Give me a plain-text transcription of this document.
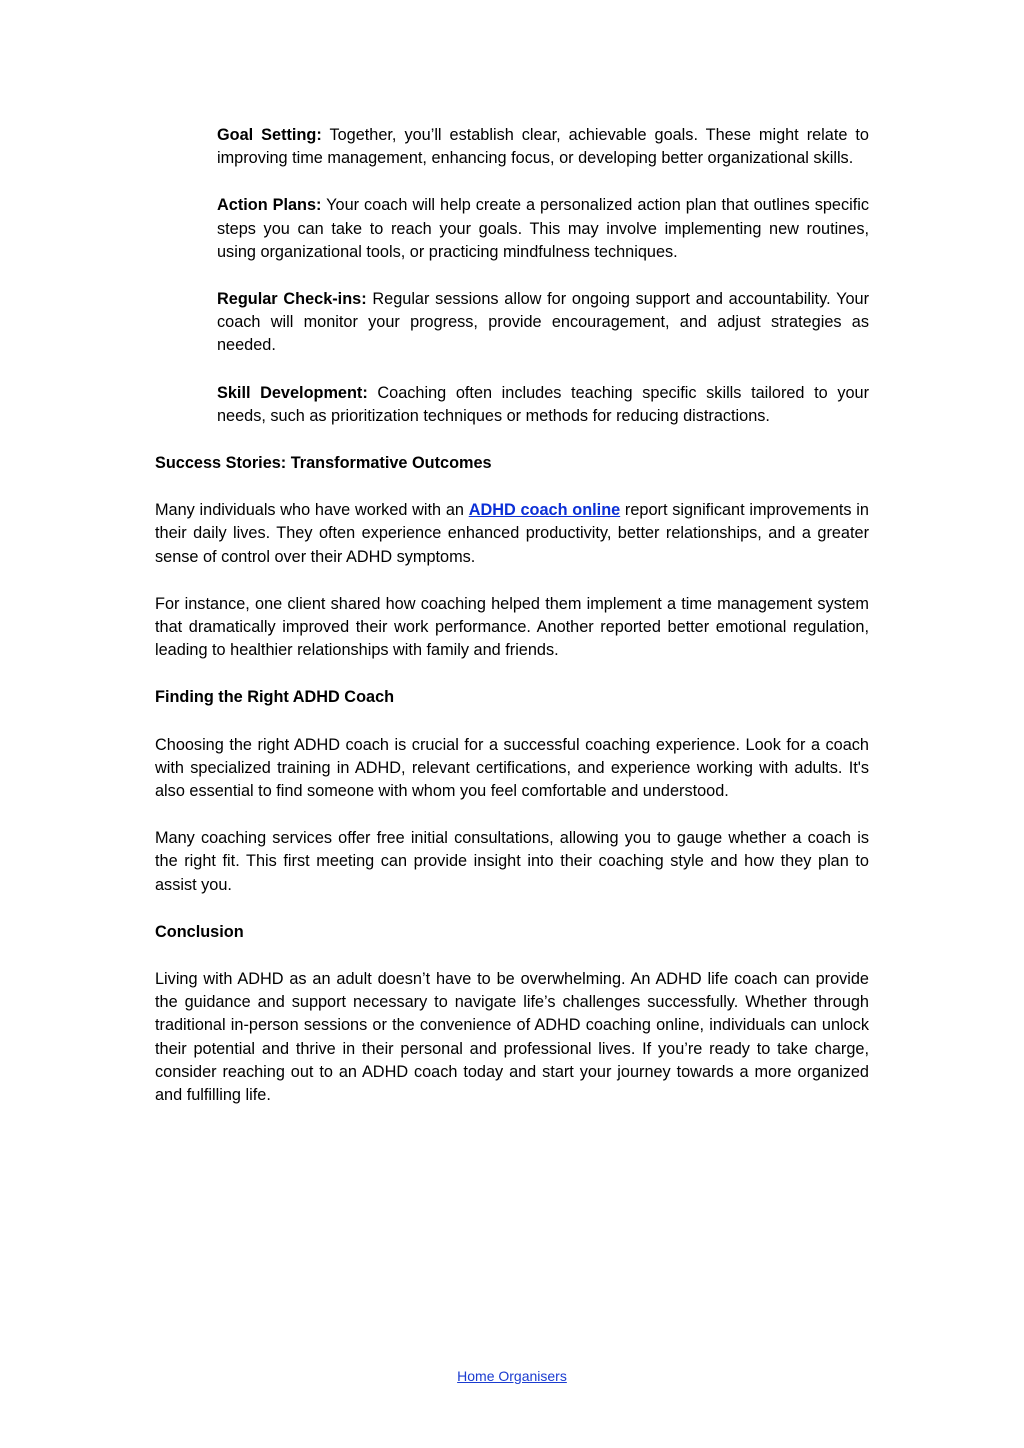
Goal Setting: Together, you’ll establish clear, achievable goals. These might relate to improving time management, enhancing focus, or developing better organizational skills.
Action Plans: Your coach will help create a personalized action plan that outlines specific steps you can take to reach your goals. This may involve implementing new routines, using organizational tools, or practicing mindfulness techniques.
Regular Check-ins: Regular sessions allow for ongoing support and accountability. Your coach will monitor your progress, provide encouragement, and adjust strategies as needed.
Skill Development: Coaching often includes teaching specific skills tailored to your needs, such as prioritization techniques or methods for reducing distractions.
Success Stories: Transformative Outcomes

Many individuals who have worked with an ADHD coach online report significant improvements in their daily lives. They often experience enhanced productivity, better relationships, and a greater sense of control over their ADHD symptoms.

For instance, one client shared how coaching helped them implement a time management system that dramatically improved their work performance. Another reported better emotional regulation, leading to healthier relationships with family and friends.

Finding the Right ADHD Coach

Choosing the right ADHD coach is crucial for a successful coaching experience. Look for a coach with specialized training in ADHD, relevant certifications, and experience working with adults. It's also essential to find someone with whom you feel comfortable and understood.

Many coaching services offer free initial consultations, allowing you to gauge whether a coach is the right fit. This first meeting can provide insight into their coaching style and how they plan to assist you.

Conclusion

Living with ADHD as an adult doesn’t have to be overwhelming. An ADHD life coach can provide the guidance and support necessary to navigate life’s challenges successfully. Whether through traditional in-person sessions or the convenience of ADHD coaching online, individuals can unlock their potential and thrive in their personal and professional lives. If you’re ready to take charge, consider reaching out to an ADHD coach today and start your journey towards a more organized and fulfilling life.

Home Organisers
